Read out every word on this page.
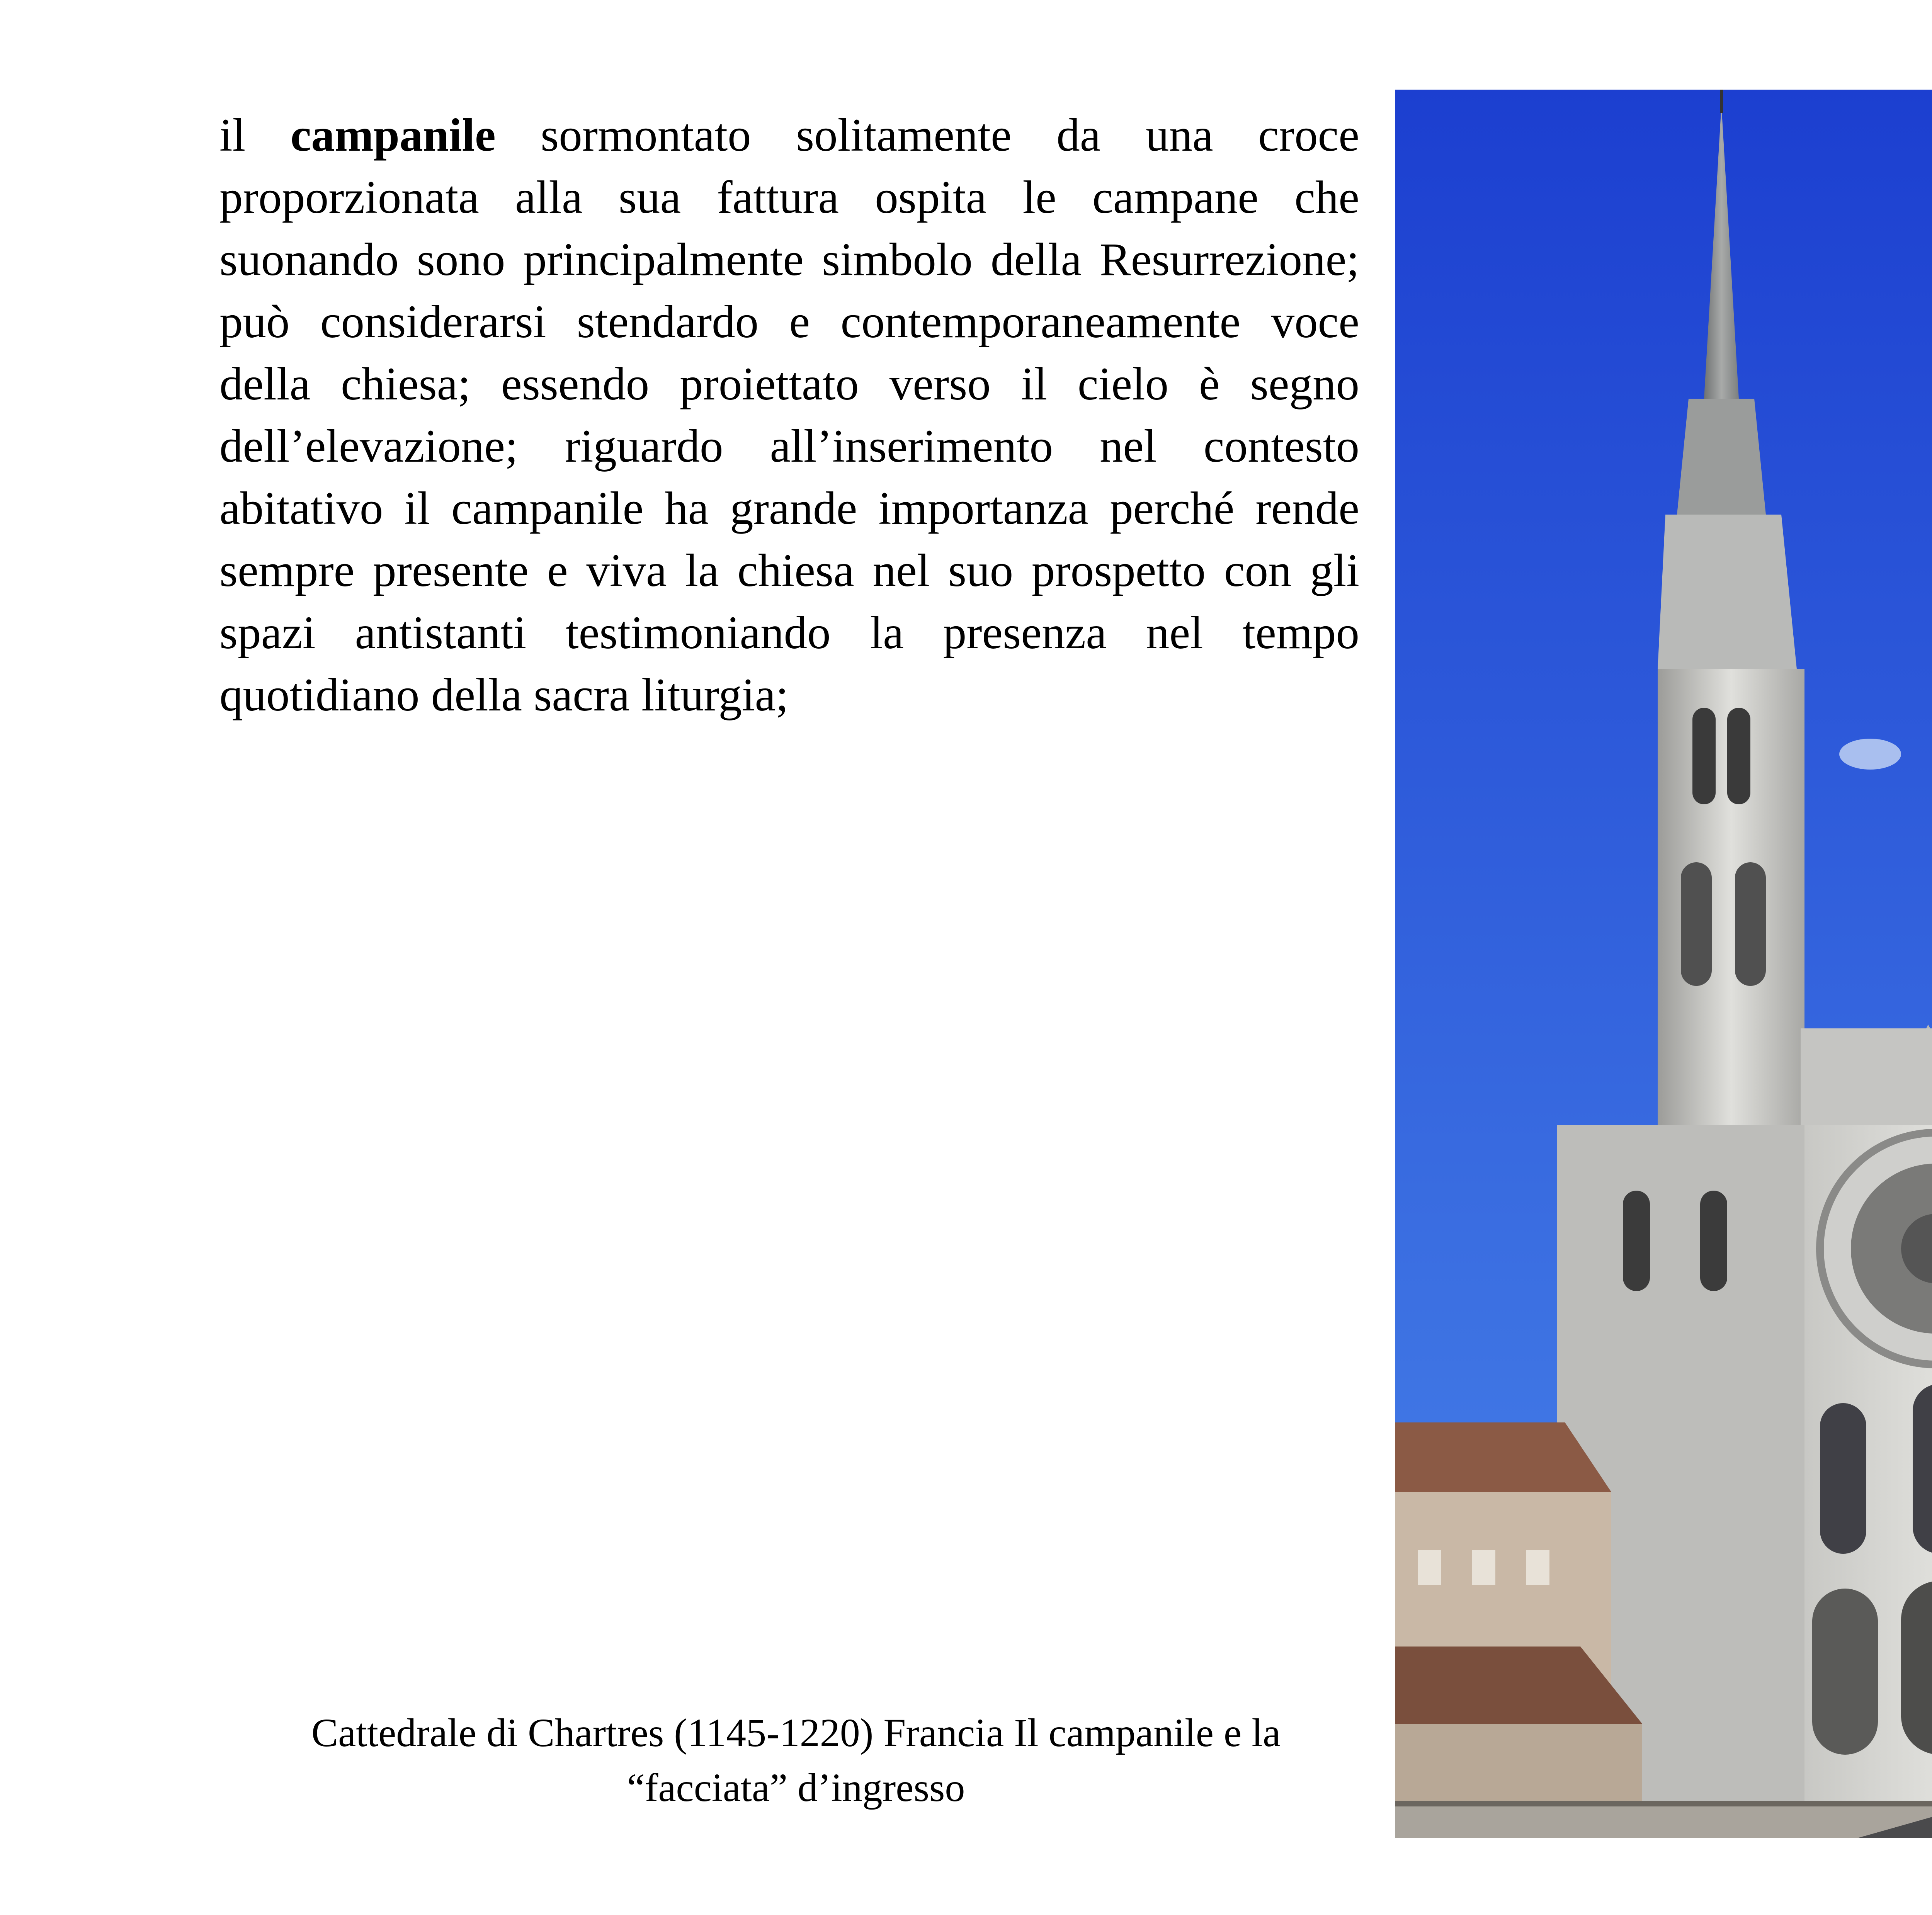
il campanile sormontato solitamente da una croce proporzionata alla sua fattura ospita le campane che suonando sono principalmente simbolo della Resurrezione; può considerarsi stendardo e contemporaneamente voce della chiesa; essendo proiettato verso il cielo è segno dell’elevazione; riguardo all’inserimento nel contesto abitativo il campanile ha grande importanza perché rende sempre presente e viva la chiesa nel suo prospetto con gli spazi antistanti testimoniando la presenza nel tempo quotidiano della sacra liturgia;

Cattedrale di Chartres (1145-1220) Francia Il campanile e la
“facciata” d’ingresso
